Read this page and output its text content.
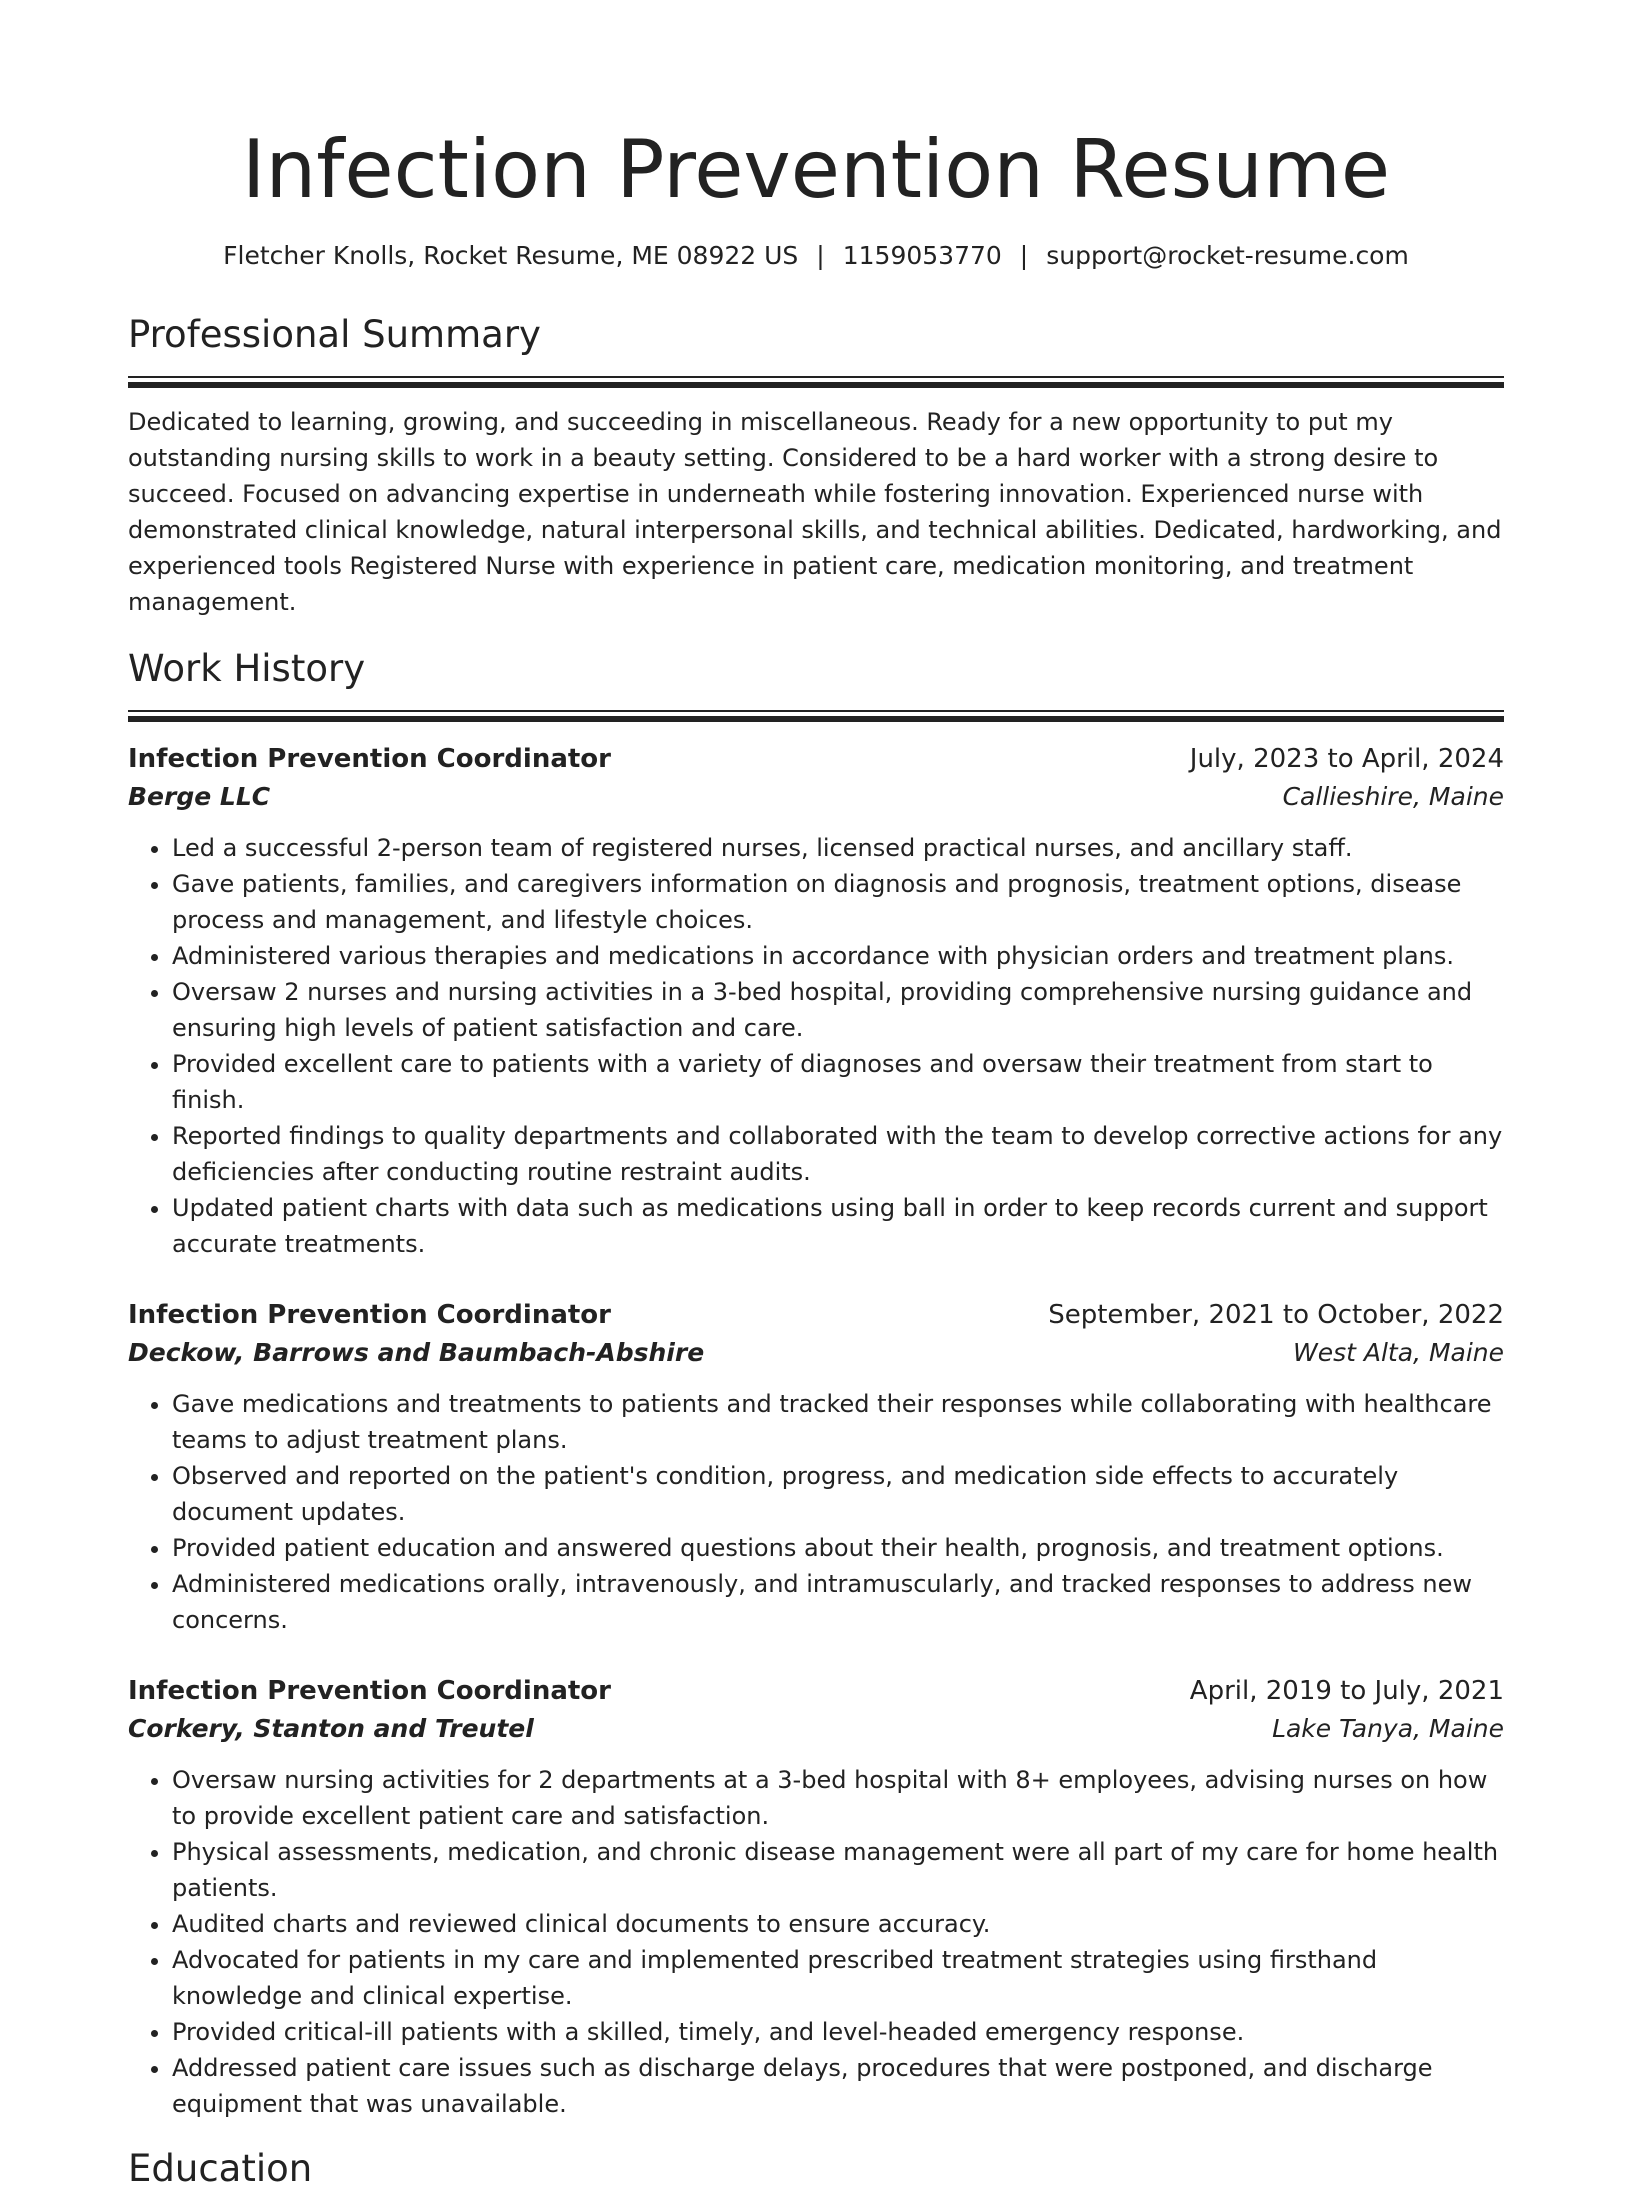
Infection Prevention Resume
Fletcher Knolls, Rocket Resume, ME 08922 US | 1159053770 | support@rocket-resume.com
Professional Summary

Dedicated to learning, growing, and succeeding in miscellaneous. Ready for a new opportunity to put my outstanding nursing skills to work in a beauty setting. Considered to be a hard worker with a strong desire to succeed. Focused on advancing expertise in underneath while fostering innovation. Experienced nurse with demonstrated clinical knowledge, natural interpersonal skills, and technical abilities. Dedicated, hardworking, and experienced tools Registered Nurse with experience in patient care, medication monitoring, and treatment management.

Work History
Infection Prevention Coordinator	July, 2023 to April, 2024
Berge LLC	Callieshire, Maine
• Led a successful 2-person team of registered nurses, licensed practical nurses, and ancillary staff.
• Gave patients, families, and caregivers information on diagnosis and prognosis, treatment options, disease process and management, and lifestyle choices.
• Administered various therapies and medications in accordance with physician orders and treatment plans.
• Oversaw 2 nurses and nursing activities in a 3-bed hospital, providing comprehensive nursing guidance and ensuring high levels of patient satisfaction and care.
• Provided excellent care to patients with a variety of diagnoses and oversaw their treatment from start to finish.
• Reported findings to quality departments and collaborated with the team to develop corrective actions for any deficiencies after conducting routine restraint audits.
• Updated patient charts with data such as medications using ball in order to keep records current and support accurate treatments.
Infection Prevention Coordinator	September, 2021 to October, 2022
Deckow, Barrows and Baumbach-Abshire	West Alta, Maine
• Gave medications and treatments to patients and tracked their responses while collaborating with healthcare teams to adjust treatment plans.
• Observed and reported on the patient's condition, progress, and medication side effects to accurately document updates.
• Provided patient education and answered questions about their health, prognosis, and treatment options.
• Administered medications orally, intravenously, and intramuscularly, and tracked responses to address new concerns.
Infection Prevention Coordinator	April, 2019 to July, 2021
Corkery, Stanton and Treutel	Lake Tanya, Maine
• Oversaw nursing activities for 2 departments at a 3-bed hospital with 8+ employees, advising nurses on how to provide excellent patient care and satisfaction.
• Physical assessments, medication, and chronic disease management were all part of my care for home health patients.
• Audited charts and reviewed clinical documents to ensure accuracy.
• Advocated for patients in my care and implemented prescribed treatment strategies using firsthand knowledge and clinical expertise.
• Provided critical-ill patients with a skilled, timely, and level-headed emergency response.
• Addressed patient care issues such as discharge delays, procedures that were postponed, and discharge equipment that was unavailable.
Education
